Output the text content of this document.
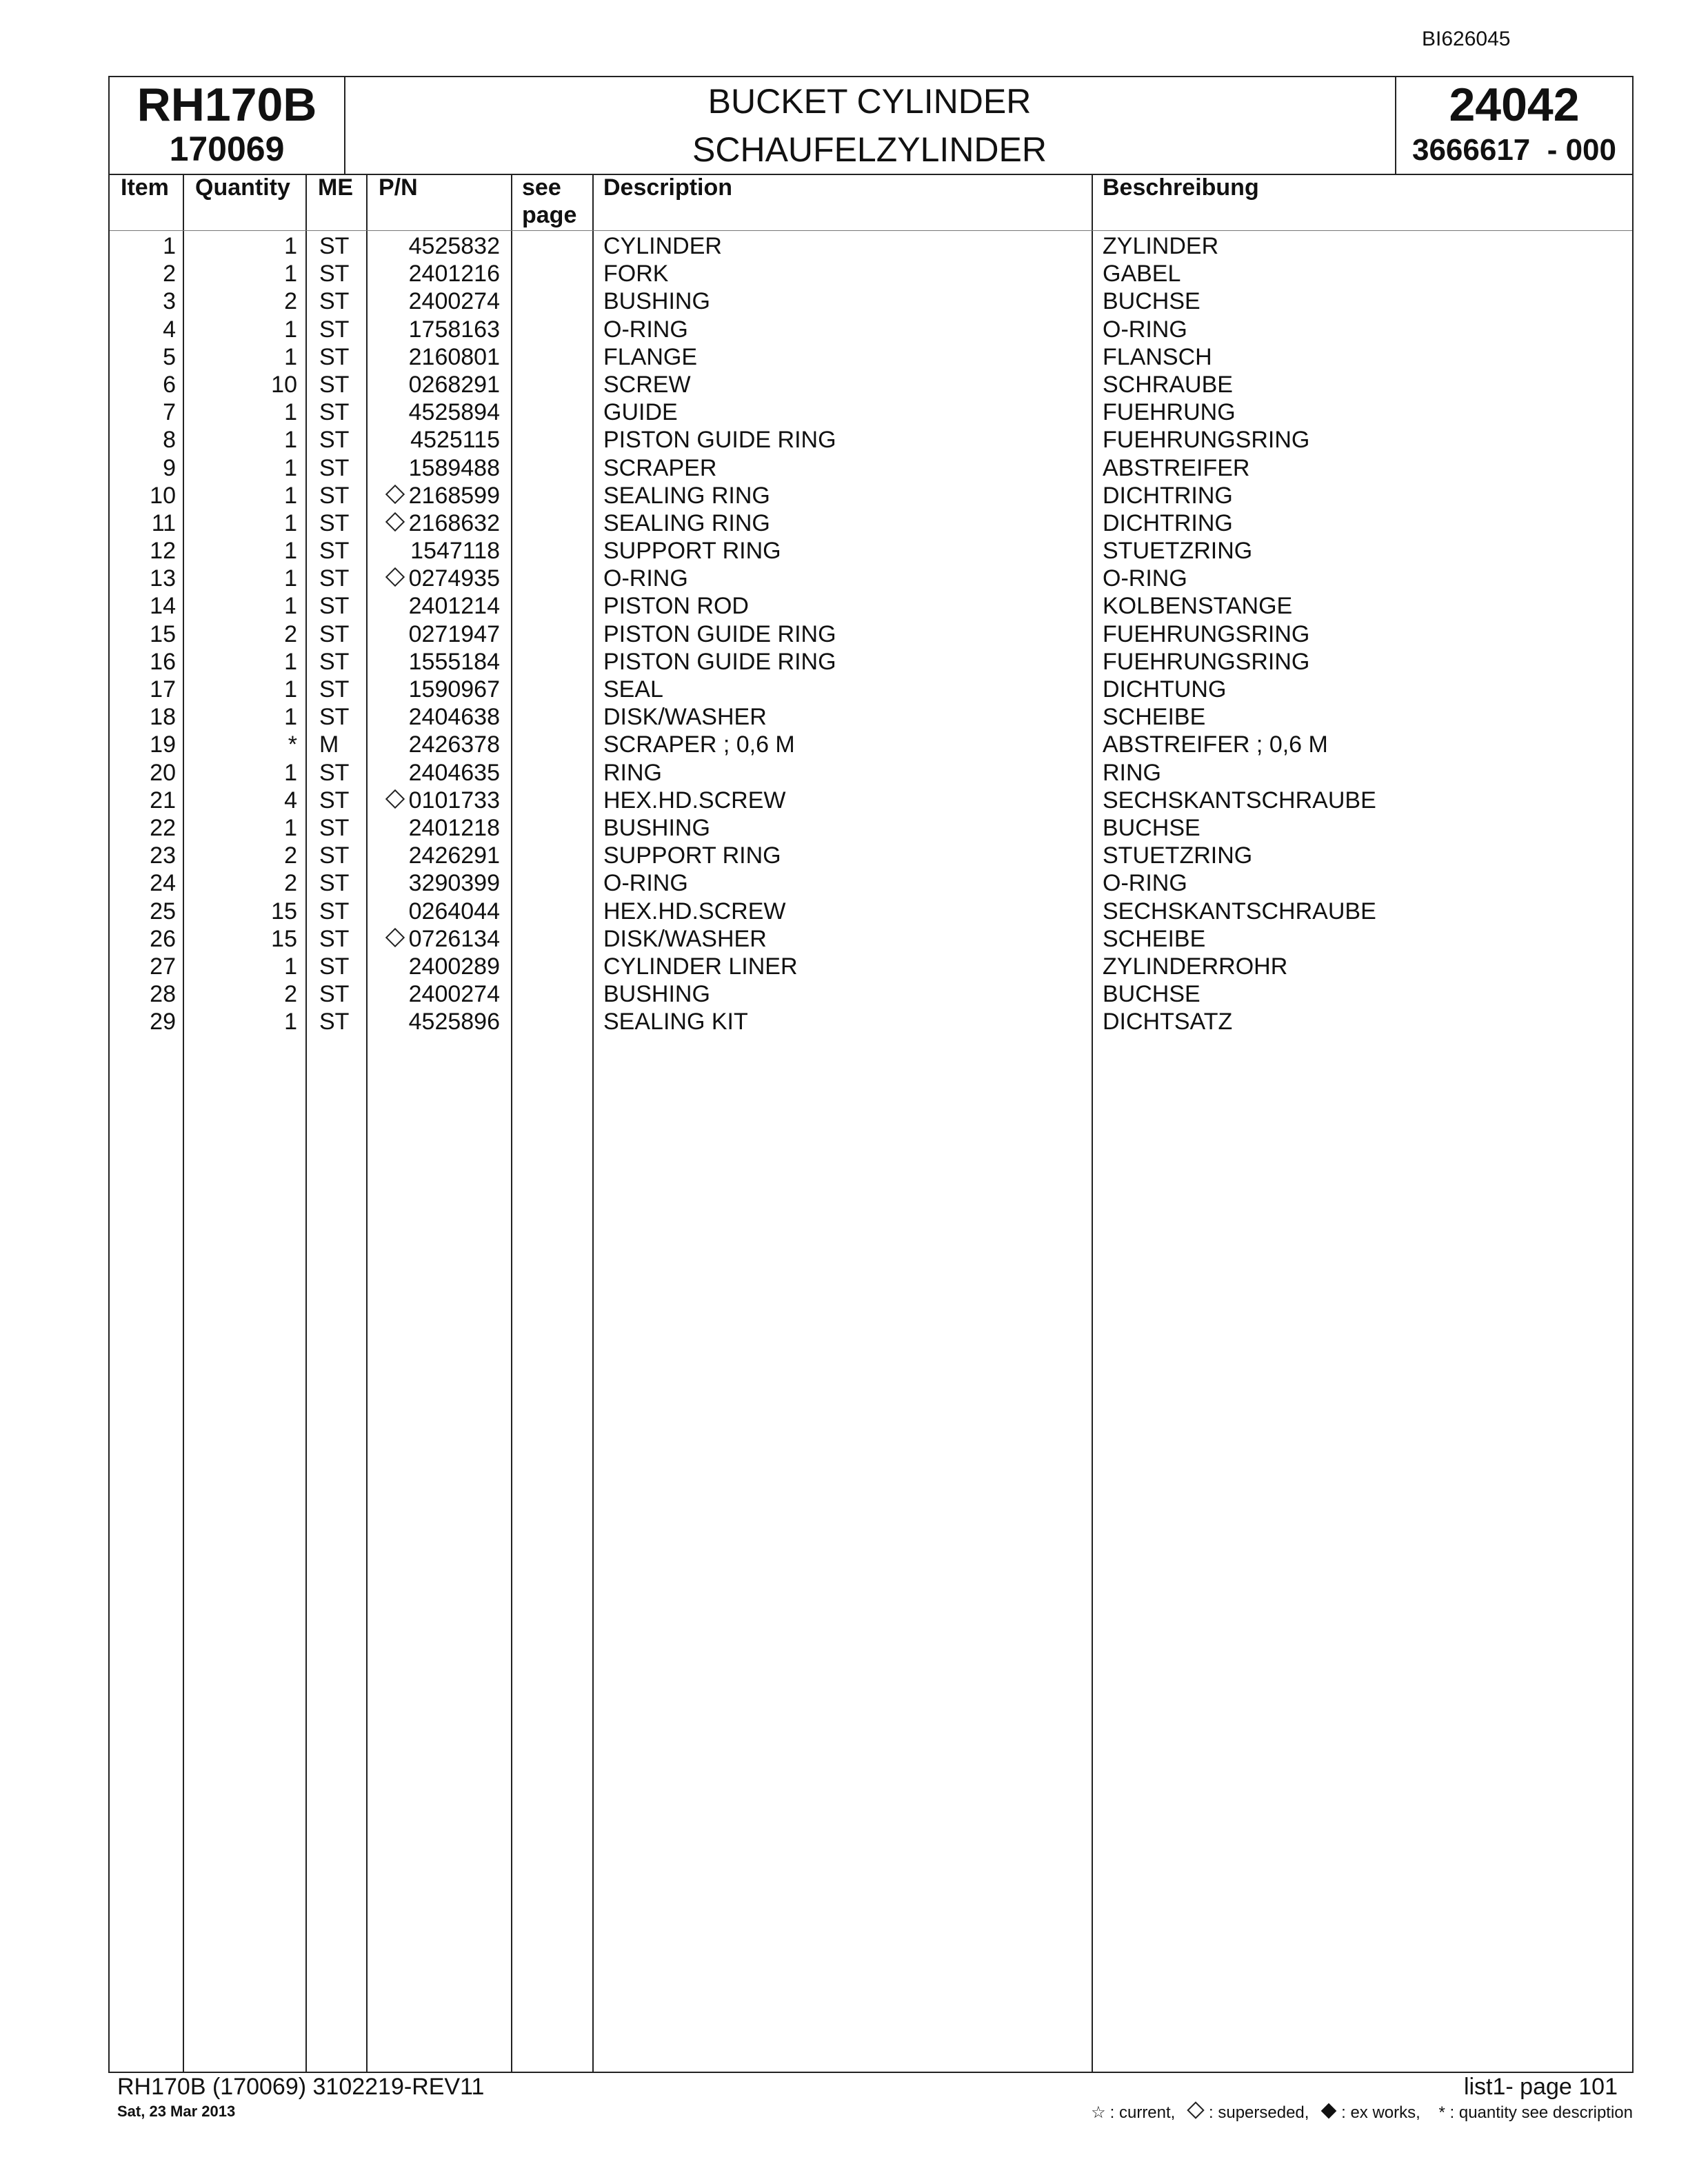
BI626045
RH170B
170069
BUCKET CYLINDER
SCHAUFELZYLINDER
24042
3666617  - 000
Item Quantity ME P/N	see
page
Description	Beschreibung
1	1 ST	4525832	CYLINDER	ZYLINDER
2	1 ST	2401216	FORK	GABEL
3	2 ST	2400274	BUSHING	BUCHSE
4	1 ST	1758163	O-RING	O-RING
5	1 ST	2160801	FLANGE	FLANSCH
6	10 ST	0268291	SCREW	SCHRAUBE
7	1 ST	4525894	GUIDE	FUEHRUNG
8	1 ST	4525115	PISTON GUIDE RING	FUEHRUNGSRING
9	1 ST	1589488	SCRAPER	ABSTREIFER
10	1 ST	2168599	SEALING RING	DICHTRING
11	1 ST	2168632	SEALING RING	DICHTRING
12	1 ST	1547118	SUPPORT RING	STUETZRING
13	1 ST	0274935	O-RING	O-RING
14	1 ST	2401214	PISTON ROD	KOLBENSTANGE
15	2 ST	0271947	PISTON GUIDE RING	FUEHRUNGSRING
16	1 ST	1555184	PISTON GUIDE RING	FUEHRUNGSRING
17	1 ST	1590967	SEAL	DICHTUNG
18	1 ST	2404638	DISK/WASHER	SCHEIBE
19	* M	2426378	SCRAPER ; 0,6 M	ABSTREIFER ; 0,6 M
20	1 ST	2404635	RING	RING
21	4 ST	0101733	HEX.HD.SCREW	SECHSKANTSCHRAUBE
22	1 ST	2401218	BUSHING	BUCHSE
23	2 ST	2426291	SUPPORT RING	STUETZRING
24	2 ST	3290399	O-RING	O-RING
25	15 ST	0264044	HEX.HD.SCREW	SECHSKANTSCHRAUBE
26	15 ST	0726134	DISK/WASHER	SCHEIBE
27	1 ST	2400289	CYLINDER LINER	ZYLINDERROHR
28	2 ST	2400274	BUSHING	BUCHSE
29	1 ST	4525896	SEALING KIT	DICHTSATZ
RH170B (170069) 3102219-REV11
Sat, 23 Mar 2013
list1- page 101
☆ : current, : superseded, : ex works, * : quantity see description
